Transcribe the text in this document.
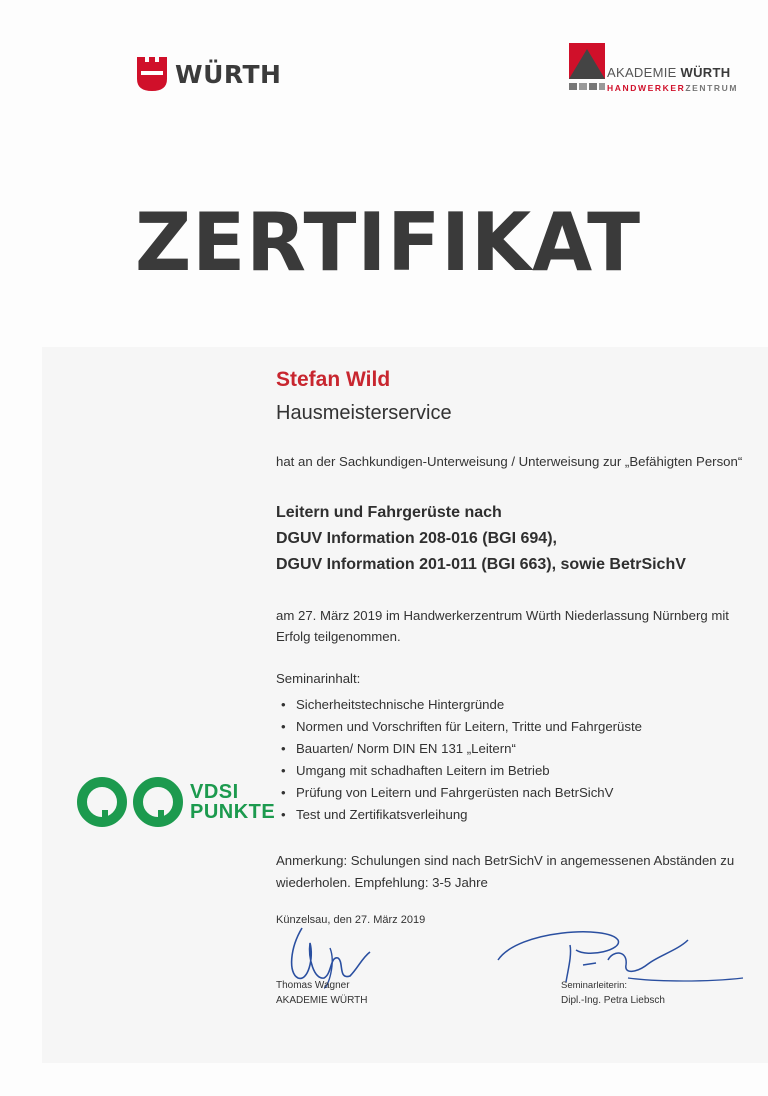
WÜRTH	AKADEMIE WÜRTH
HANDWERKERZENTRUM
ZERTIFIKAT
Stefan Wild
Hausmeisterservice
hat an der Sachkundigen-Unterweisung / Unterweisung zur „Befähigten Person“
Leitern und Fahrgerüste nach
DGUV Information 208-016 (BGI 694),
DGUV Information 201-011 (BGI 663), sowie BetrSichV
am 27. März 2019 im Handwerkerzentrum Würth Niederlassung Nürnberg mit Erfolg teilgenommen.
Seminarinhalt:
• Sicherheitstechnische Hintergründe
• Normen und Vorschriften für Leitern, Tritte und Fahrgerüste
• Bauarten/ Norm DIN EN 131 „Leitern“
• Umgang mit schadhaften Leitern im Betrieb
• Prüfung von Leitern und Fahrgerüsten nach BetrSichV
• Test und Zertifikatsverleihung
Anmerkung: Schulungen sind nach BetrSichV in angemessenen Abständen zu wiederholen. Empfehlung: 3-5 Jahre
Künzelsau, den 27. März 2019
Thomas Wagner
AKADEMIE WÜRTH
Seminarleiterin:
Dipl.-Ing. Petra Liebsch
VDSI
PUNKTE
